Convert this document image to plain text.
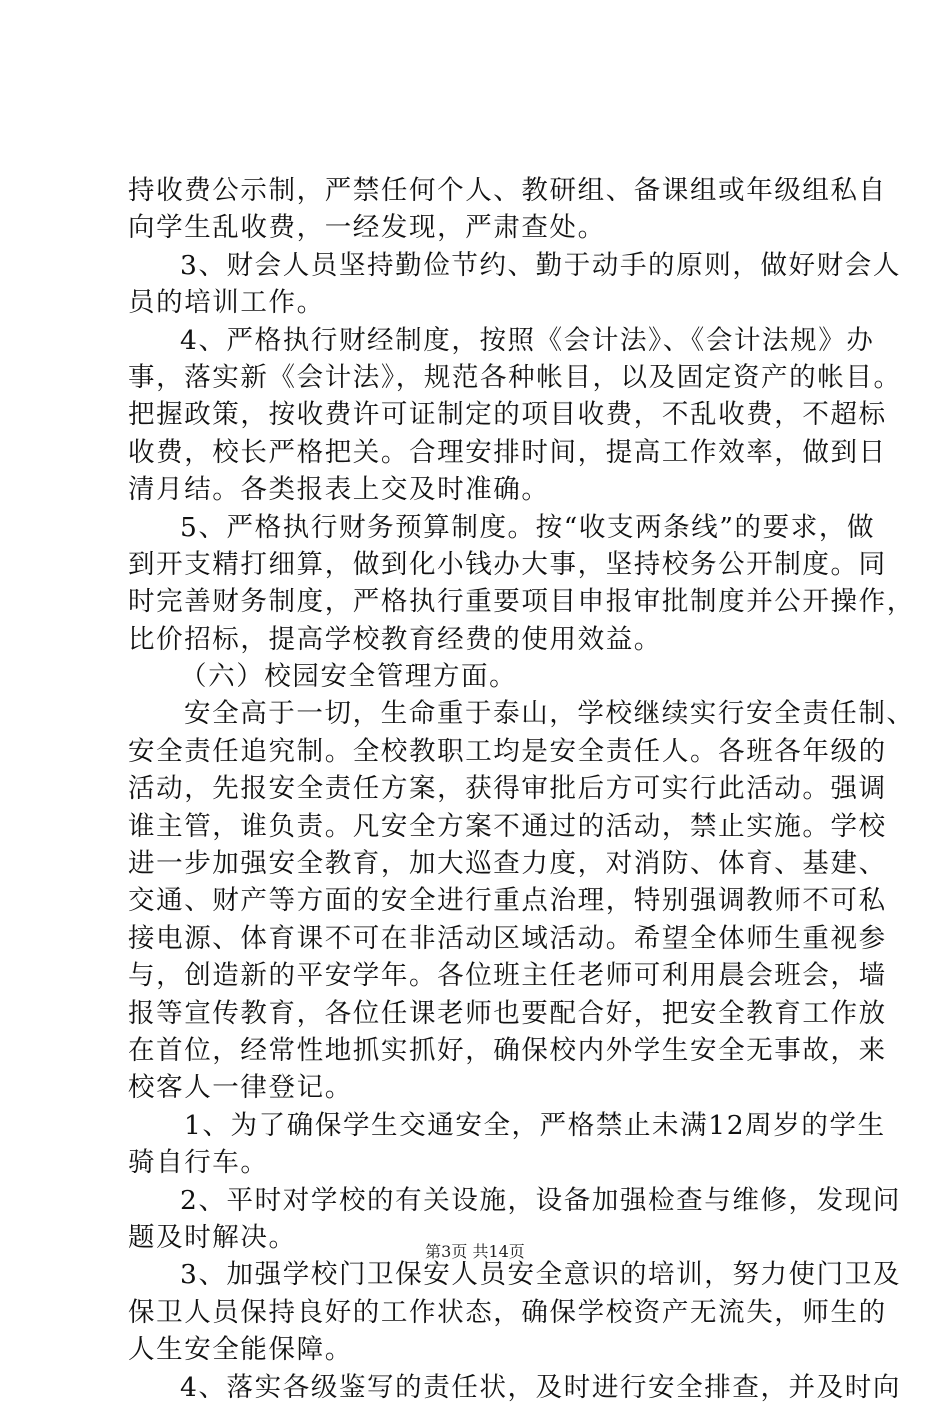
持收费公示制，严禁任何个人、教研组、备课组或年级组私自
向学生乱收费，一经发现，严肃查处。
3、财会人员坚持勤俭节约、勤于动手的原则，做好财会人
员的培训工作。
4、严格执行财经制度，按照《会计法》、《会计法规》办
事，落实新《会计法》，规范各种帐目，以及固定资产的帐目。
把握政策，按收费许可证制定的项目收费，不乱收费，不超标
收费，校长严格把关。合理安排时间，提高工作效率，做到日
清月结。各类报表上交及时准确。
5、严格执行财务预算制度。按“收支两条线”的要求，做
到开支精打细算，做到化小钱办大事，坚持校务公开制度。同
时完善财务制度，严格执行重要项目申报审批制度并公开操作，
比价招标，提高学校教育经费的使用效益。
（六）校园安全管理方面。
安全高于一切，生命重于泰山，学校继续实行安全责任制、
安全责任追究制。全校教职工均是安全责任人。各班各年级的
活动，先报安全责任方案，获得审批后方可实行此活动。强调
谁主管，谁负责。凡安全方案不通过的活动，禁止实施。学校
进一步加强安全教育，加大巡查力度，对消防、体育、基建、
交通、财产等方面的安全进行重点治理，特别强调教师不可私
接电源、体育课不可在非活动区域活动。希望全体师生重视参
与，创造新的平安学年。各位班主任老师可利用晨会班会，墙
报等宣传教育，各位任课老师也要配合好，把安全教育工作放
在首位，经常性地抓实抓好，确保校内外学生安全无事故，来
校客人一律登记。
1、为了确保学生交通安全，严格禁止未满12周岁的学生
骑自行车。
2、平时对学校的有关设施，设备加强检查与维修，发现问
题及时解决。
3、加强学校门卫保安人员安全意识的培训，努力使门卫及
保卫人员保持良好的工作状态，确保学校资产无流失，师生的
人生安全能保障。
4、落实各级鉴写的责任状，及时进行安全排查，并及时向
第3页 共14页
